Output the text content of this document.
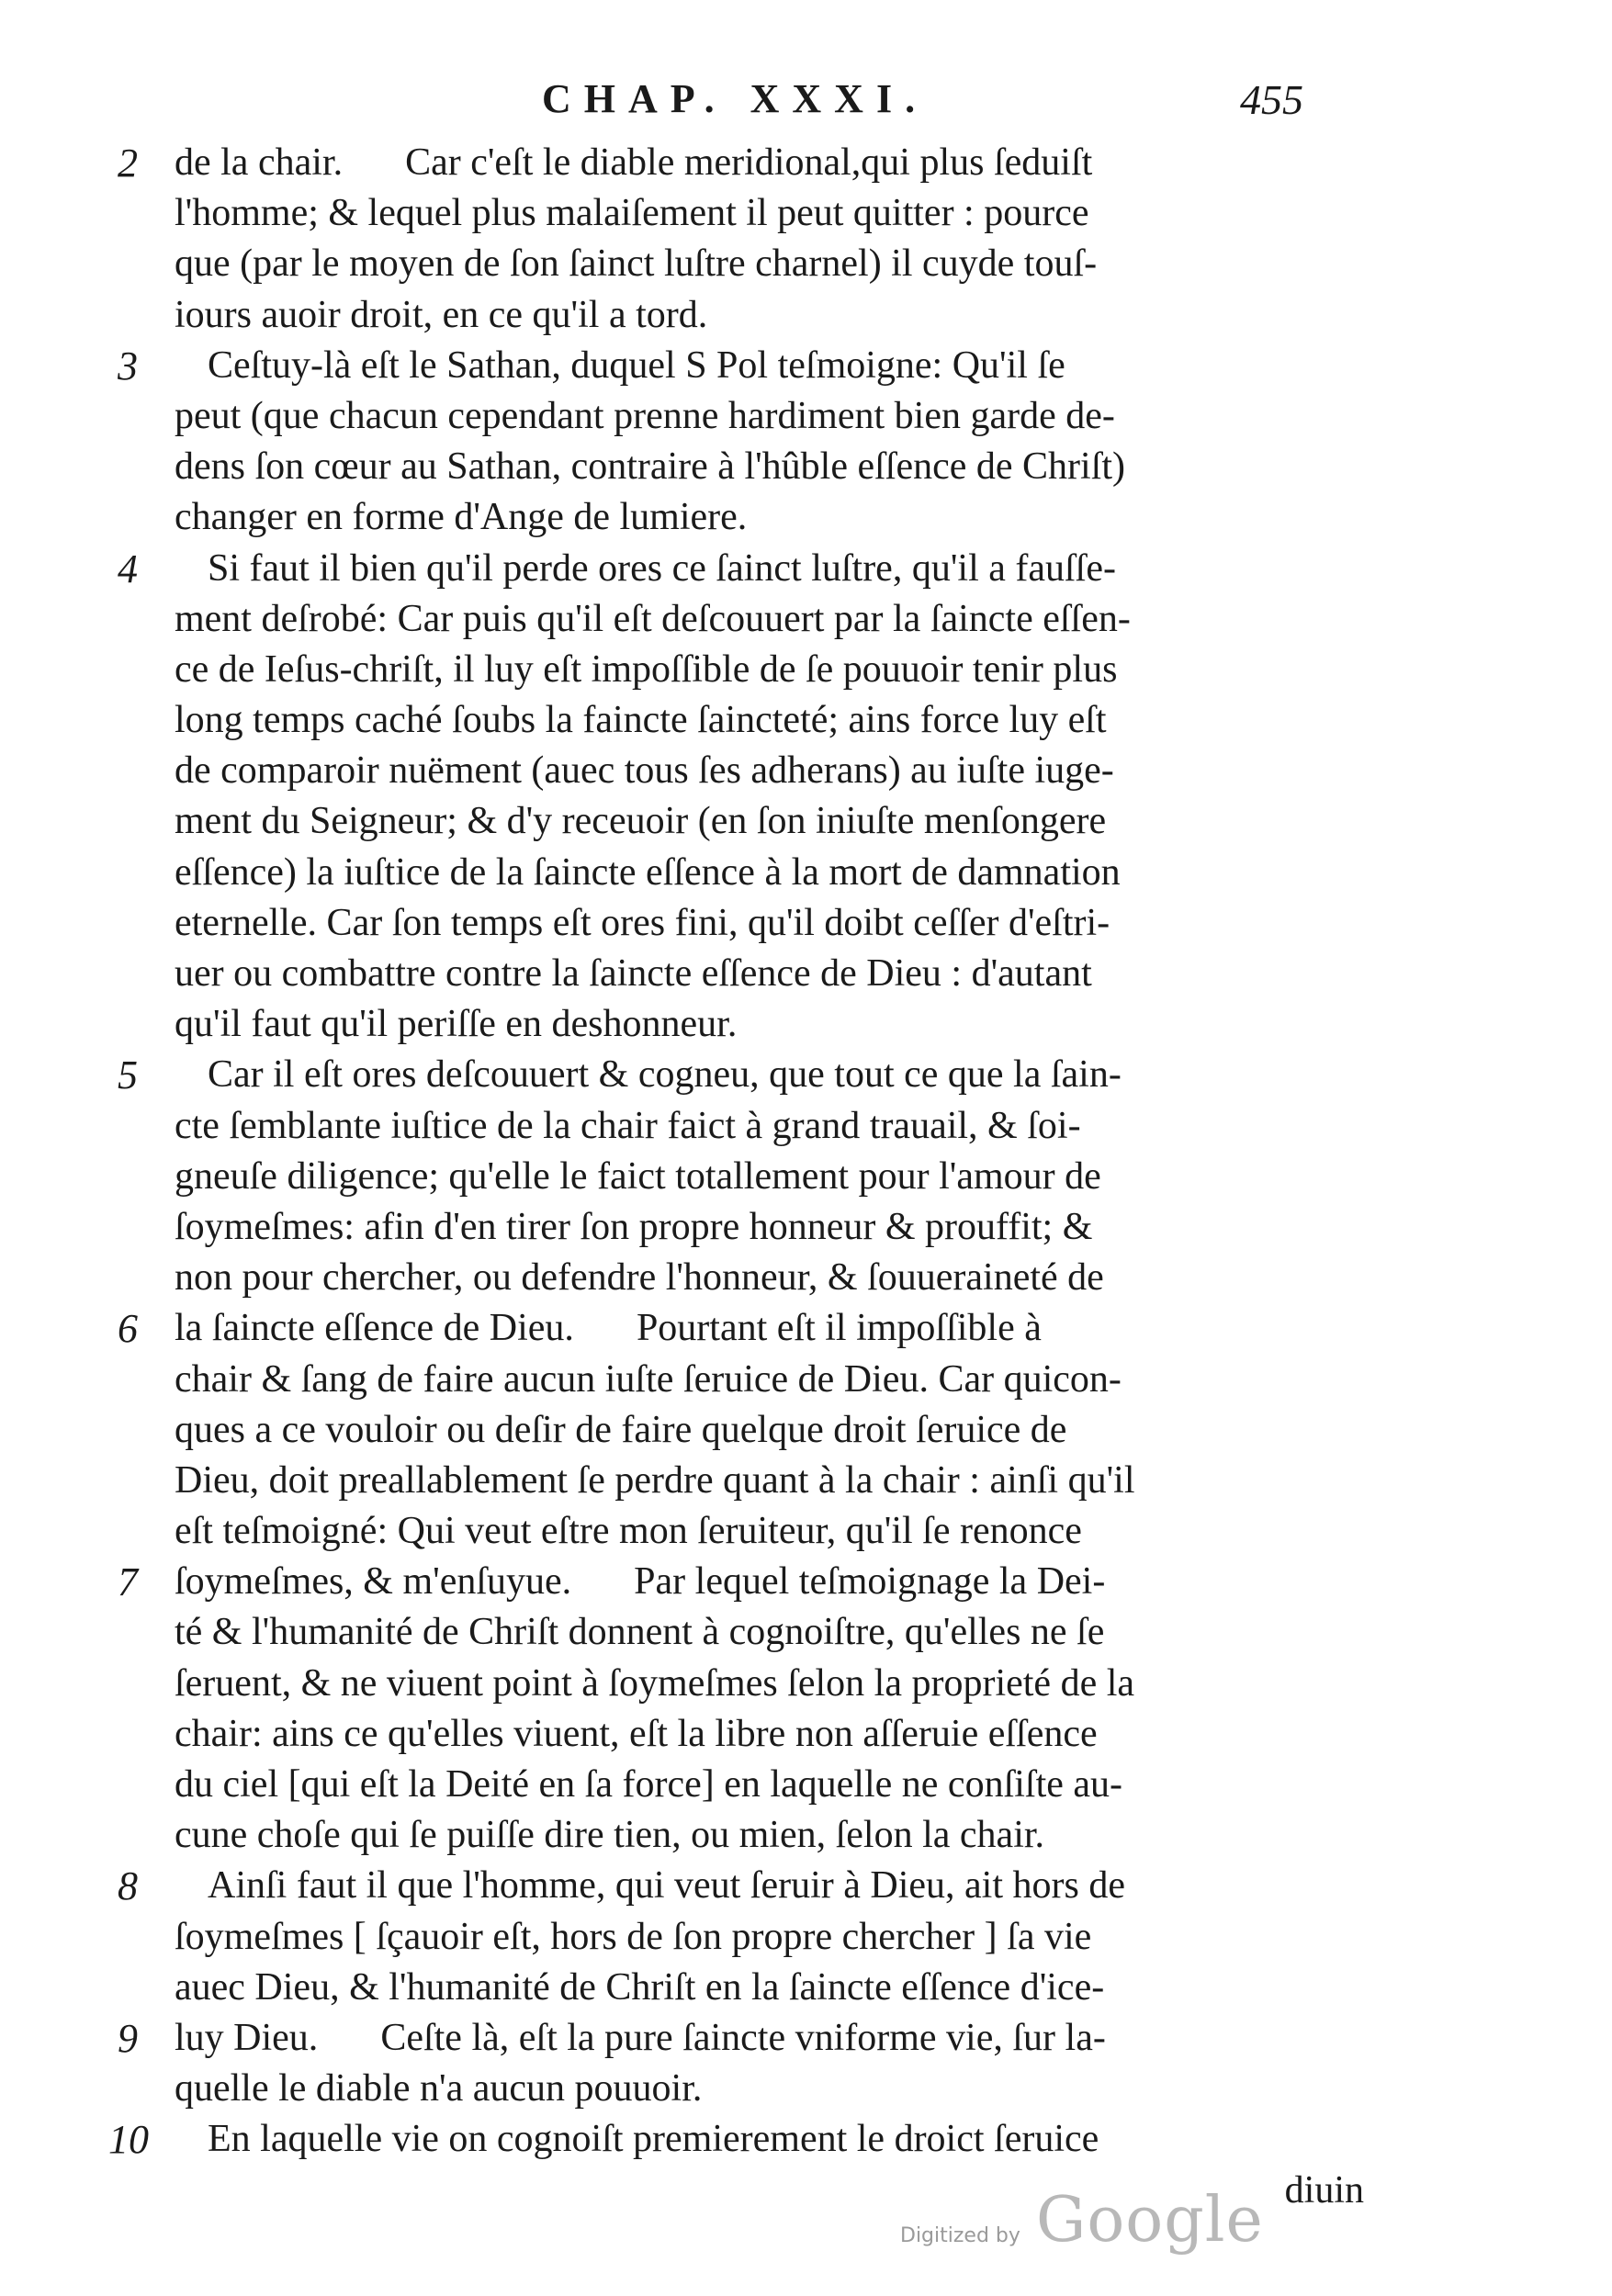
CHAP. XXXI.	455
2 de la chair. Car c'eſt le diable meridional,qui plus ſeduiſt
l'homme; & lequel plus malaiſement il peut quitter : pource
que (par le moyen de ſon ſainct luſtre charnel) il cuyde touſ-
iours auoir droit, en ce qu'il a tord.
3	Ceſtuy-là eſt le Sathan, duquel S Pol teſmoigne: Qu'il ſe
peut (que chacun cependant prenne hardiment bien garde de-
dens ſon cœur au Sathan, contraire à l'hûble eſſence de Chriſt)
changer en forme d'Ange de lumiere.
4	Si faut il bien qu'il perde ores ce ſainct luſtre, qu'il a fauſſe-
ment deſrobé: Car puis qu'il eſt deſcouuert par la ſaincte eſſen-
ce de Ieſus-chriſt, il luy eſt impoſſible de ſe pouuoir tenir plus
long temps caché ſoubs la faincte ſaincteté; ains force luy eſt
de comparoir nuëment (auec tous ſes adherans) au iuſte iuge-
ment du Seigneur; & d'y receuoir (en ſon iniuſte menſongere
eſſence) la iuſtice de la ſaincte eſſence à la mort de damnation
eternelle. Car ſon temps eſt ores fini, qu'il doibt ceſſer d'eſtri-
uer ou combattre contre la ſaincte eſſence de Dieu : d'autant
qu'il faut qu'il periſſe en deshonneur.
5	Car il eſt ores deſcouuert & cogneu, que tout ce que la ſain-
cte ſemblante iuſtice de la chair faict à grand trauail, & ſoi-
gneuſe diligence; qu'elle le faict totallement pour l'amour de
ſoymeſmes: afin d'en tirer ſon propre honneur & prouffit; &
non pour chercher, ou defendre l'honneur, & ſouueraineté de
6 la ſaincte eſſence de Dieu. Pourtant eſt il impoſſible à
chair & ſang de faire aucun iuſte ſeruice de Dieu. Car quicon-
ques a ce vouloir ou deſir de faire quelque droit ſeruice de
Dieu, doit preallablement ſe perdre quant à la chair : ainſi qu'il
eſt teſmoigné: Qui veut eſtre mon ſeruiteur, qu'il ſe renonce
7 ſoymeſmes, & m'enſuyue. Par lequel teſmoignage la Dei-
té & l'humanité de Chriſt donnent à cognoiſtre, qu'elles ne ſe
ſeruent, & ne viuent point à ſoymeſmes ſelon la proprieté de la
chair: ains ce qu'elles viuent, eſt la libre non aſſeruie eſſence
du ciel [qui eſt la Deité en ſa force] en laquelle ne conſiſte au-
cune choſe qui ſe puiſſe dire tien, ou mien, ſelon la chair.
8	Ainſi faut il que l'homme, qui veut ſeruir à Dieu, ait hors de
ſoymeſmes [ ſçauoir eſt, hors de ſon propre chercher ] ſa vie
auec Dieu, & l'humanité de Chriſt en la ſaincte eſſence d'ice-
9 luy Dieu. Ceſte là, eſt la pure ſaincte vniforme vie, ſur la-
quelle le diable n'a aucun pouuoir.
10 En laquelle vie on cognoiſt premierement le droict ſeruice
diuin
Digitized by Google
